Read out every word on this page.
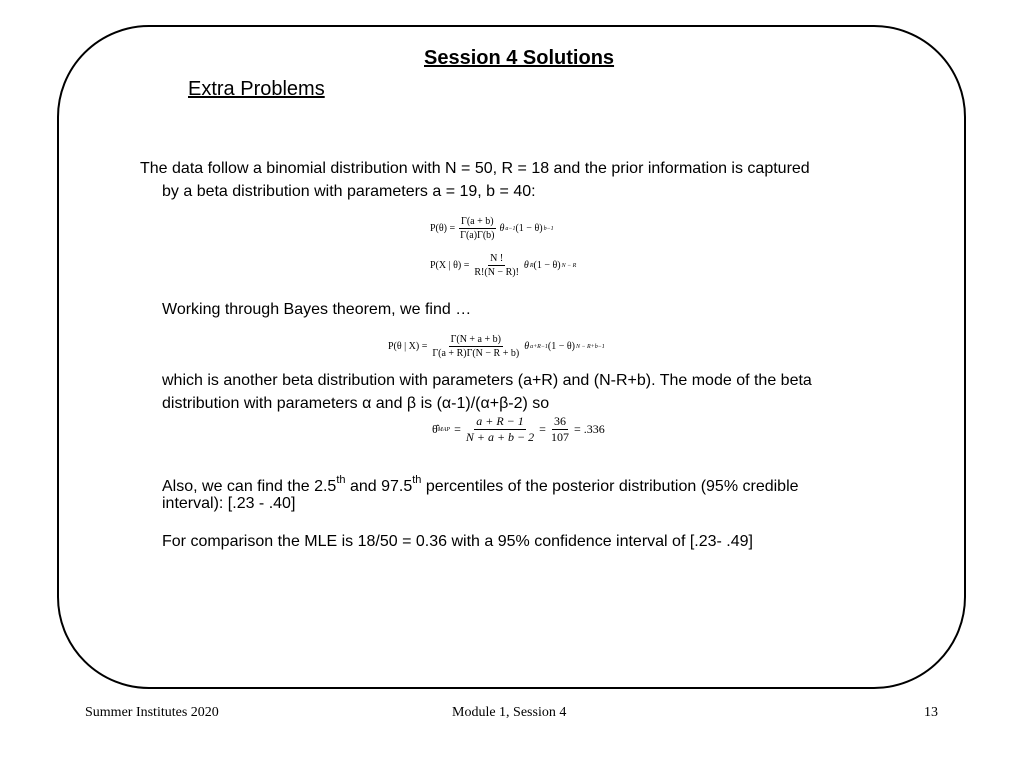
Session 4 Solutions
Extra Problems
The data follow a binomial distribution with N = 50, R = 18 and the prior information is captured
by a beta distribution with parameters a = 19, b = 40:
$P(\theta) = \frac{\Gamma(a + b)}{\Gamma(a)\Gamma(b)}$ θ a−1 (1 − θ) b−1
P(X | $\theta) = \frac{N !}{R!(N - R)!}$ θ R (1 − θ) N − R
Working through Bayes theorem, we find …
P(θ | $X) = \frac{\Gamma(N + a + b)}{\Gamma(a + R)\Gamma(N - R + b)}$ θ a+R−1 (1 − θ) N − R+b−1
which is another beta distribution with parameters (a+R) and (N-R+b). The mode of the beta
distribution with parameters α and β is (α-1)/(α+β-2) so
θ̂ MAP = $\frac{a + R - 1}{N + a + b - 2} = \frac{36}{107} = .336$
Also, we can find the 2.5th and 97.5th percentiles of the posterior distribution (95% credible
interval): [.23 - .40]
For comparison the MLE is 18/50 = 0.36 with a 95% confidence interval of [.23- .49]
Summer Institutes 2020	Module 1, Session 4	13
